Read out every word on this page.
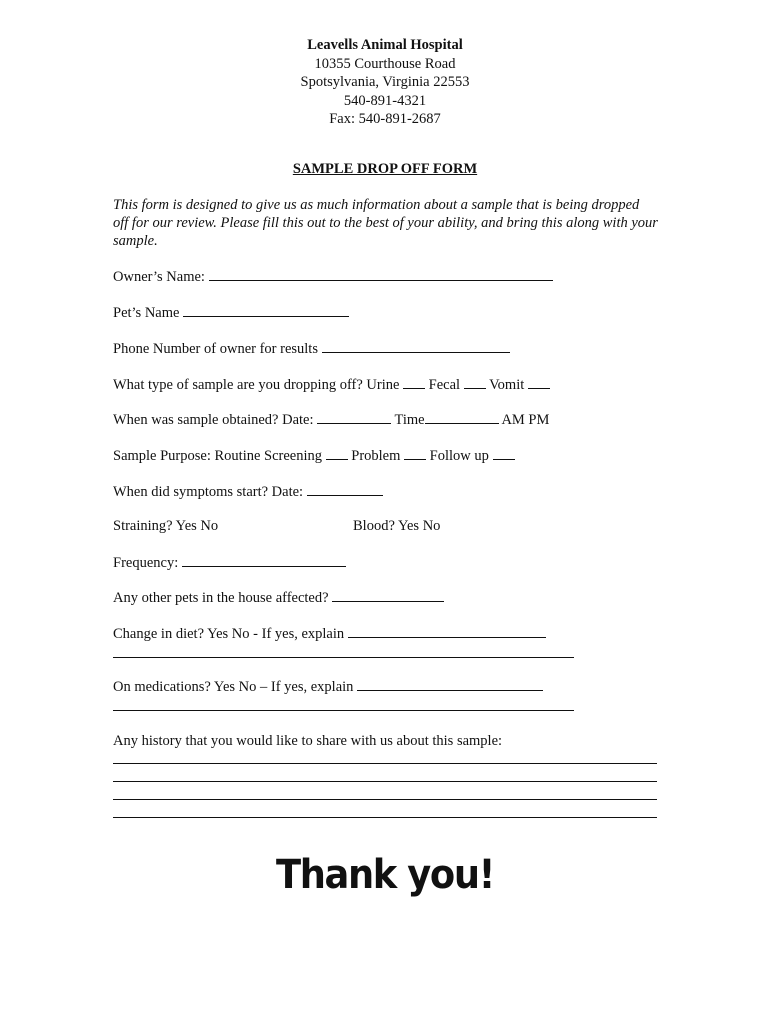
Leavells Animal Hospital
10355 Courthouse Road
Spotsylvania, Virginia 22553
540-891-4321
Fax: 540-891-2687
SAMPLE DROP OFF FORM
This form is designed to give us as much information about a sample that is being dropped off for our review. Please fill this out to the best of your ability, and bring this along with your sample.
Owner’s Name:
Pet’s Name
Phone Number of owner for results
What type of sample are you dropping off? Urine Fecal Vomit
When was sample obtained? Date:	Time	AM PM
Sample Purpose: Routine Screening Problem Follow up
When did symptoms start? Date:
Straining? Yes No	Blood? Yes No
Frequency:
Any other pets in the house affected?
Change in diet? Yes No - If yes, explain
On medications? Yes No – If yes, explain
Any history that you would like to share with us about this sample:
Thank you!
